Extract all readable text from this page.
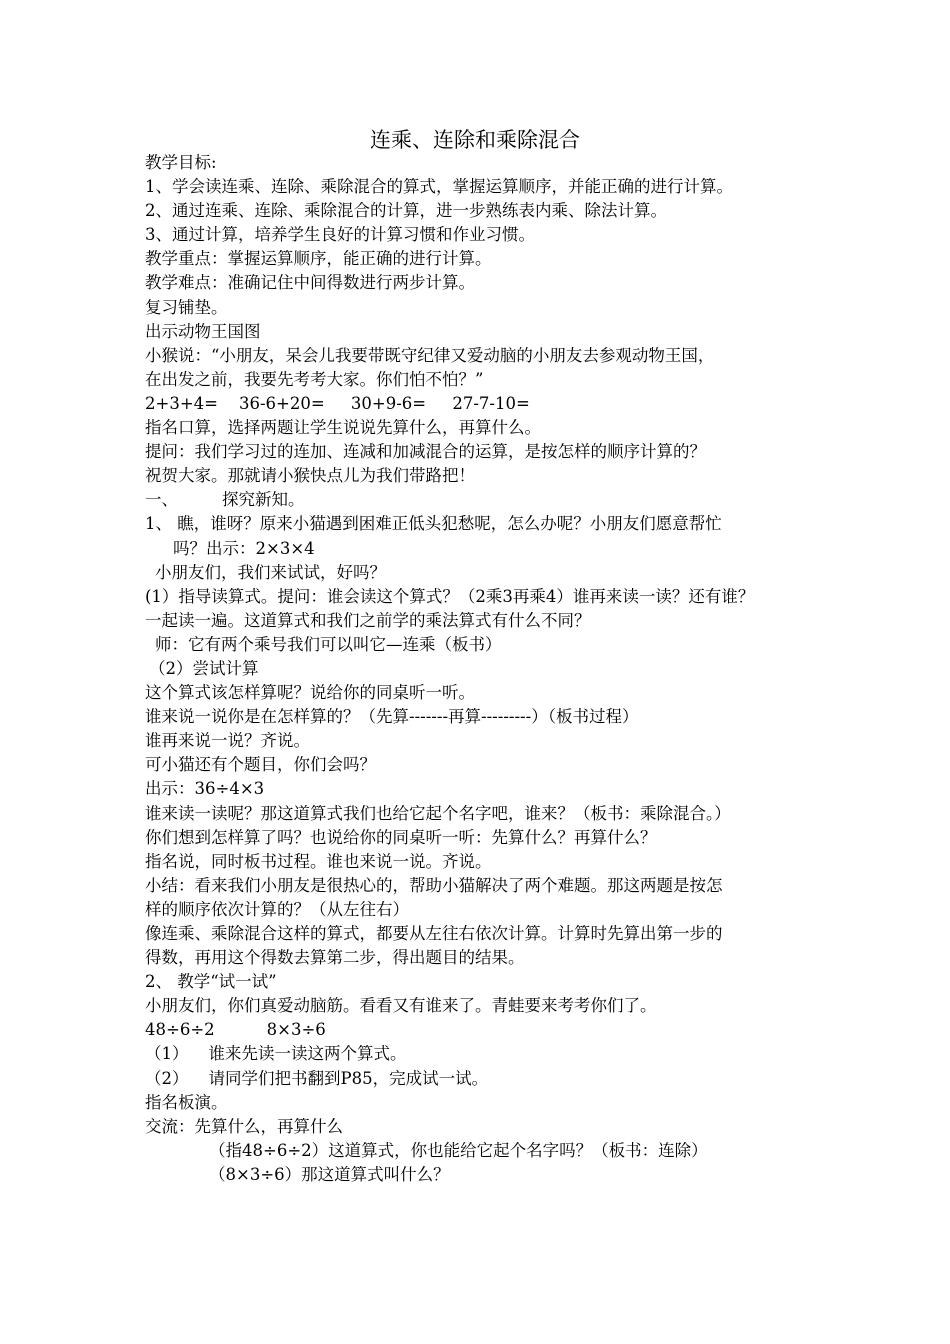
连乘、连除和乘除混合
教学目标:
1、学会读连乘、连除、乘除混合的算式，掌握运算顺序，并能正确的进行计算。
2、通过连乘、连除、乘除混合的计算，进一步熟练表内乘、除法计算。
3、通过计算，培养学生良好的计算习惯和作业习惯。
教学重点：掌握运算顺序，能正确的进行计算。
教学难点：准确记住中间得数进行两步计算。
复习铺垫。
出示动物王国图
小猴说：“小朋友，呆会儿我要带既守纪律又爱动脑的小朋友去参观动物王国，
在出发之前，我要先考考大家。你们怕不怕？”
2+3+4=    36-6+20=     30+9-6=     27-7-10=
指名口算，选择两题让学生说说先算什么，再算什么。
提问：我们学习过的连加、连减和加减混合的运算，是按怎样的顺序计算的？
祝贺大家。那就请小猴快点儿为我们带路把！
一、	探究新知。
1、 瞧，谁呀？原来小猫遇到困难正低头犯愁呢，怎么办呢？小朋友们愿意帮忙
吗？出示：2×3×4
小朋友们，我们来试试，好吗？
(1）指导读算式。提问：谁会读这个算式？（2乘3再乘4）谁再来读一读？还有谁？
一起读一遍。这道算式和我们之前学的乘法算式有什么不同？
师：它有两个乘号我们可以叫它—连乘（板书）
（2）尝试计算
这个算式该怎样算呢？说给你的同桌听一听。
谁来说一说你是在怎样算的？（先算-------再算---------）（板书过程）
谁再来说一说？齐说。
可小猫还有个题目，你们会吗？
出示：36÷4×3
谁来读一读呢？那这道算式我们也给它起个名字吧，谁来？（板书：乘除混合。）
你们想到怎样算了吗？也说给你的同桌听一听：先算什么？再算什么？
指名说，同时板书过程。谁也来说一说。齐说。
小结：看来我们小朋友是很热心的，帮助小猫解决了两个难题。那这两题是按怎
样的顺序依次计算的？（从左往右）
像连乘、乘除混合这样的算式，都要从左往右依次计算。计算时先算出第一步的
得数，再用这个得数去算第二步，得出题目的结果。
2、 教学“试一试”
小朋友们，你们真爱动脑筋。看看又有谁来了。青蛙要来考考你们了。
48÷6÷2	8×3÷6
（1） 谁来先读一读这两个算式。
（2） 请同学们把书翻到P85，完成试一试。
指名板演。
交流：先算什么，再算什么
（指48÷6÷2）这道算式，你也能给它起个名字吗？（板书：连除）
（8×3÷6）那这道算式叫什么？
